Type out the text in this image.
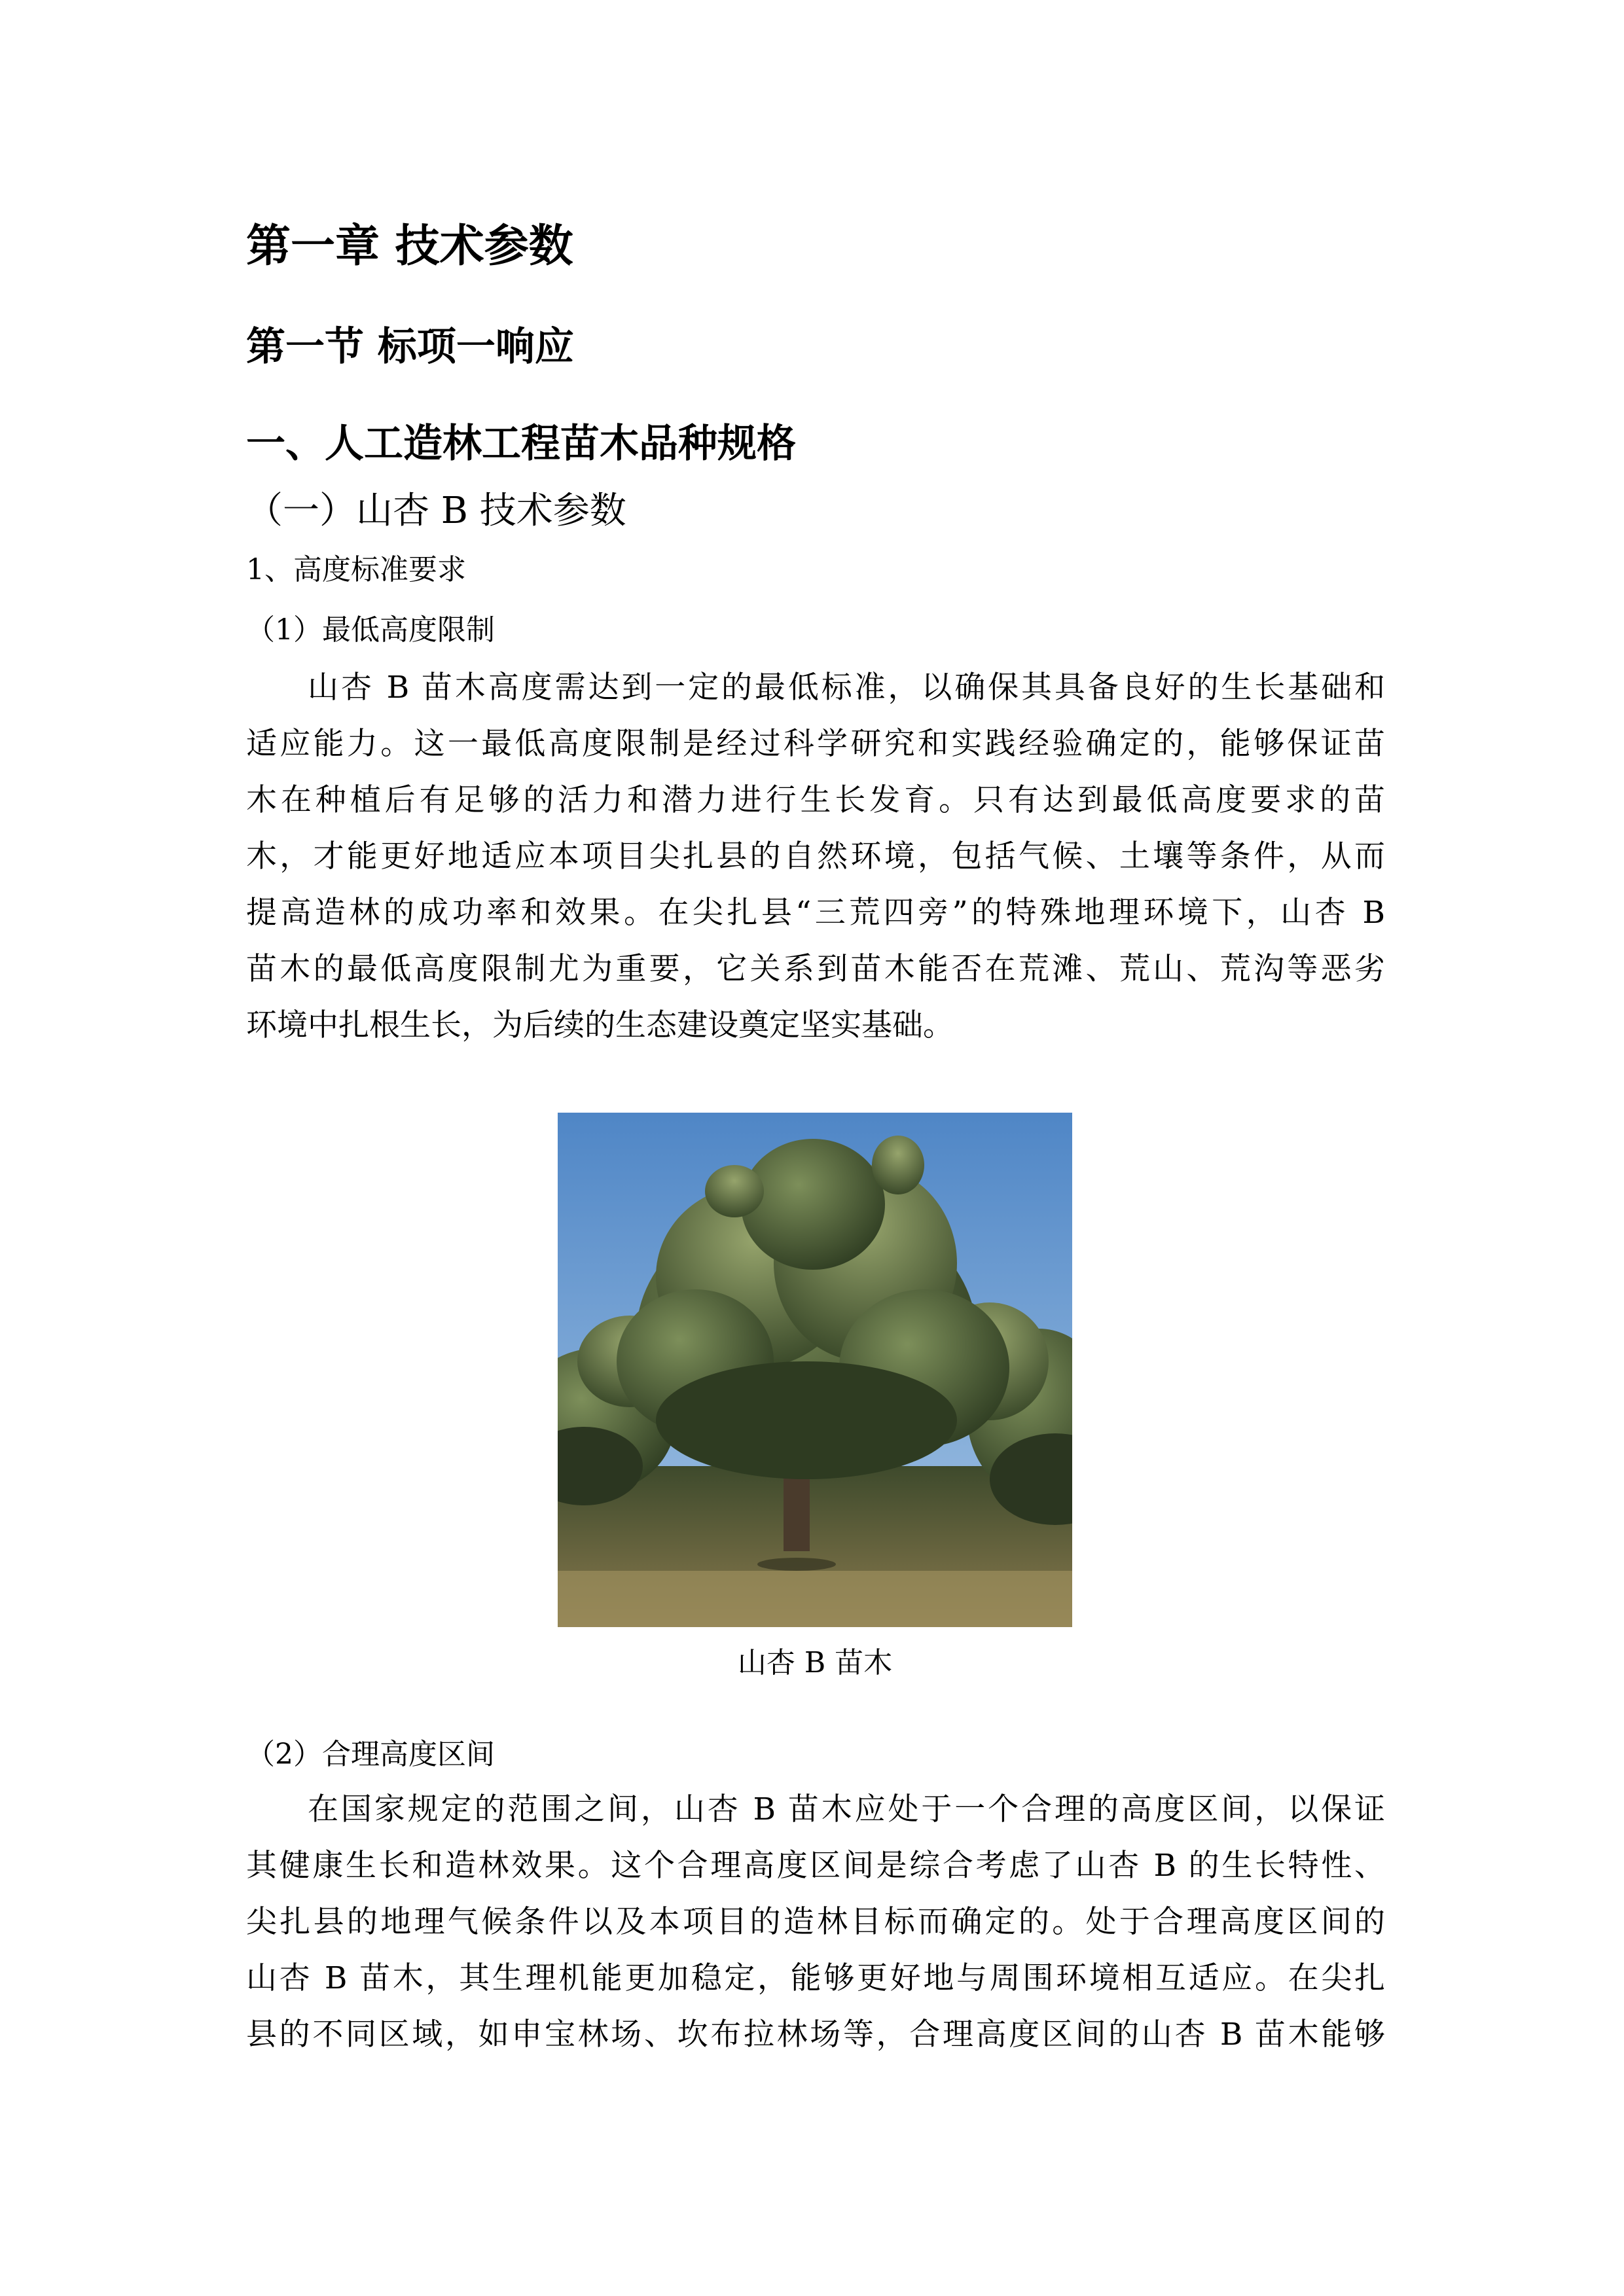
第一章 技术参数
第一节 标项一响应
一、人工造林工程苗木品种规格
（一）山杏 B 技术参数
1、高度标准要求
（1）最低高度限制
山杏 B 苗木高度需达到一定的最低标准，以确保其具备良好的生长基础和
适应能力。这一最低高度限制是经过科学研究和实践经验确定的，能够保证苗
木在种植后有足够的活力和潜力进行生长发育。只有达到最低高度要求的苗
木，才能更好地适应本项目尖扎县的自然环境，包括气候、土壤等条件，从而
提高造林的成功率和效果。在尖扎县“三荒四旁”的特殊地理环境下，山杏 B
苗木的最低高度限制尤为重要，它关系到苗木能否在荒滩、荒山、荒沟等恶劣
环境中扎根生长，为后续的生态建设奠定坚实基础。
山杏 B 苗木
（2）合理高度区间
在国家规定的范围之间，山杏 B 苗木应处于一个合理的高度区间，以保证
其健康生长和造林效果。这个合理高度区间是综合考虑了山杏 B 的生长特性、
尖扎县的地理气候条件以及本项目的造林目标而确定的。处于合理高度区间的
山杏 B 苗木，其生理机能更加稳定，能够更好地与周围环境相互适应。在尖扎
县的不同区域，如申宝林场、坎布拉林场等，合理高度区间的山杏 B 苗木能够
